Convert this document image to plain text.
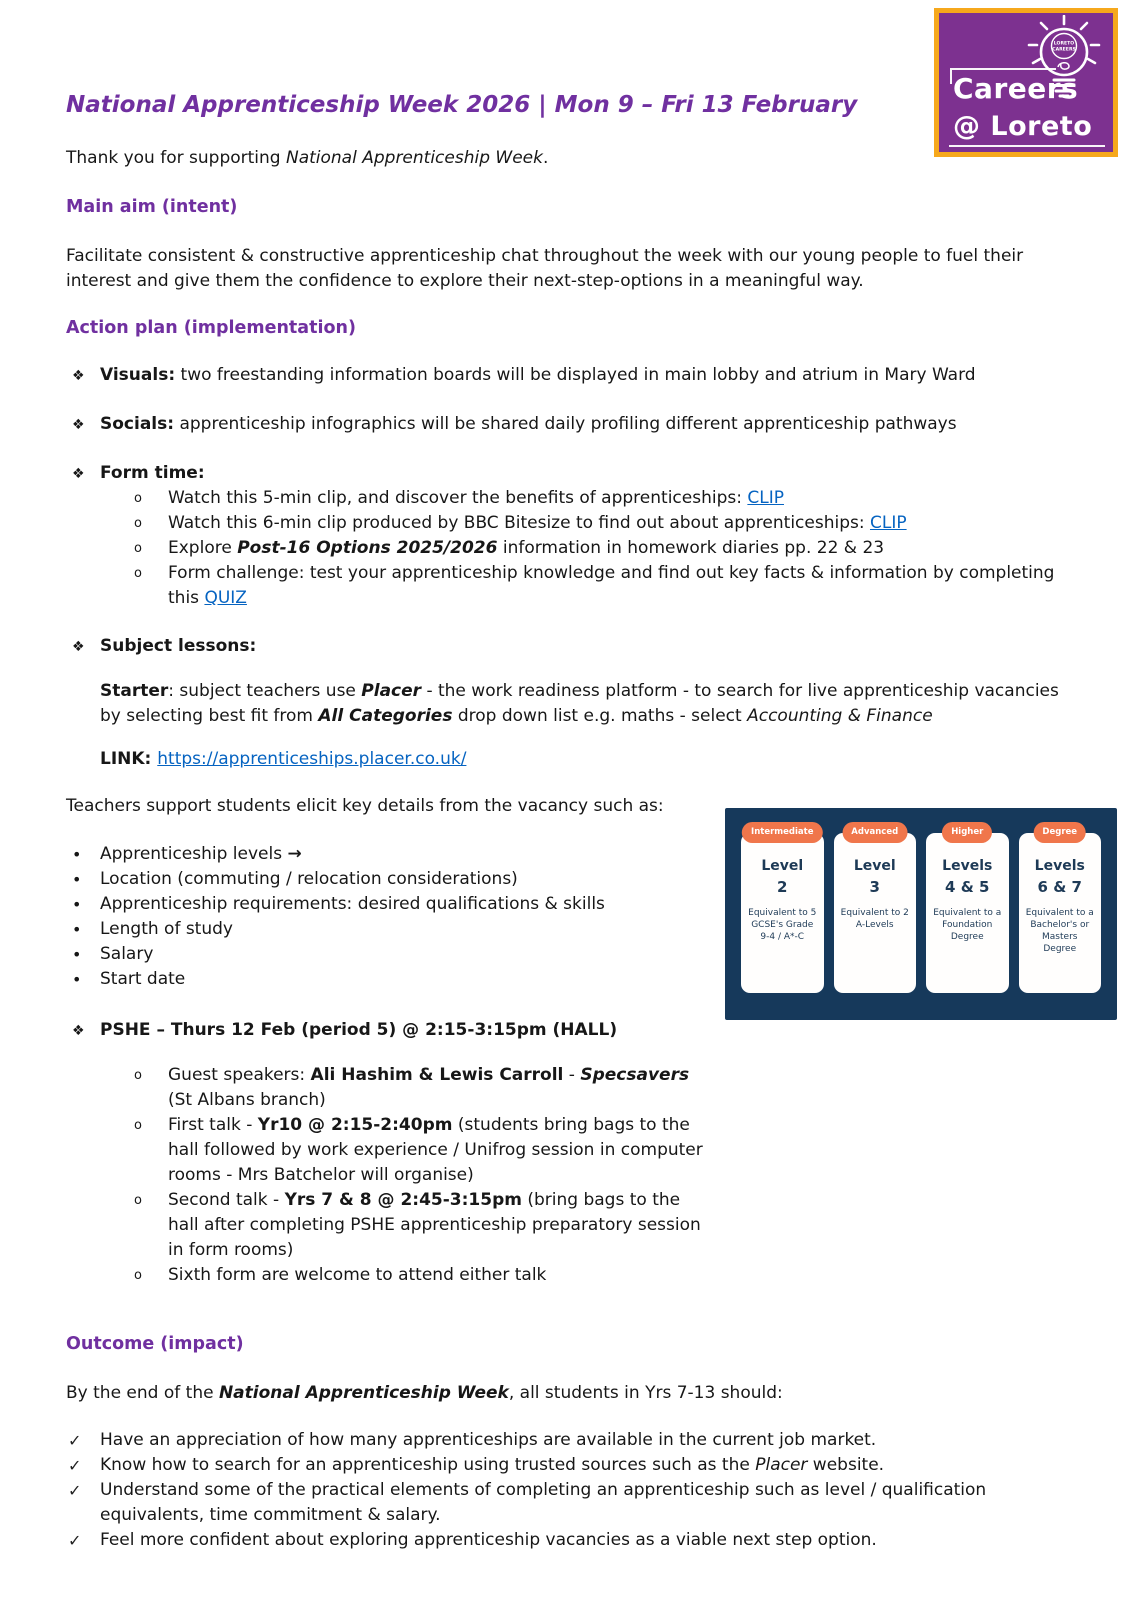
LORETO
CAREERS
Careers
@ Loreto
National Apprenticeship Week 2026 | Mon 9 – Fri 13 February

Thank you for supporting National Apprenticeship Week.

Main aim (intent)

Facilitate consistent & constructive apprenticeship chat throughout the week with our young people to fuel their interest and give them the confidence to explore their next-step-options in a meaningful way.

Action plan (implementation)
❖ Visuals: two freestanding information boards will be displayed in main lobby and atrium in Mary Ward
❖ Socials: apprenticeship infographics will be shared daily profiling different apprenticeship pathways
❖ Form time:
o	Watch this 5-min clip, and discover the benefits of apprenticeships: CLIP
o	Watch this 6-min clip produced by BBC Bitesize to find out about apprenticeships: CLIP
o	Explore Post-16 Options 2025/2026 information in homework diaries pp. 22 & 23
o	Form challenge: test your apprenticeship knowledge and find out key facts & information by completing this QUIZ
❖ Subject lessons:

Starter: subject teachers use Placer - the work readiness platform - to search for live apprenticeship vacancies by selecting best fit from All Categories drop down list e.g. maths - select Accounting & Finance

LINK: https://apprenticeships.placer.co.uk/

Intermediate
Level
2
Equivalent to 5 GCSE's Grade 9-4 / A*-C
Advanced
Level
3
Equivalent to 2 A-Levels
Higher
Levels
4 & 5
Equivalent to a Foundation Degree
Degree
Levels
6 & 7
Equivalent to a Bachelor's or Masters Degree

Teachers support students elicit key details from the vacancy such as:

•	Apprenticeship levels →
•	Location (commuting / relocation considerations)
•	Apprenticeship requirements: desired qualifications & skills
•	Length of study
•	Salary
•	Start date
❖ PSHE – Thurs 12 Feb (period 5) @ 2:15-3:15pm (HALL)
o	Guest speakers: Ali Hashim & Lewis Carroll - Specsavers (St Albans branch)
o	First talk - Yr10 @ 2:15-2:40pm (students bring bags to the hall followed by work experience / Unifrog session in computer rooms - Mrs Batchelor will organise)
o	Second talk - Yrs 7 & 8 @ 2:45-3:15pm (bring bags to the hall after completing PSHE apprenticeship preparatory session in form rooms)
o	Sixth form are welcome to attend either talk
Outcome (impact)

By the end of the National Apprenticeship Week, all students in Yrs 7-13 should:

✓	Have an appreciation of how many apprenticeships are available in the current job market.
✓	Know how to search for an apprenticeship using trusted sources such as the Placer website.
✓	Understand some of the practical elements of completing an apprenticeship such as level / qualification equivalents, time commitment & salary.
✓	Feel more confident about exploring apprenticeship vacancies as a viable next step option.
